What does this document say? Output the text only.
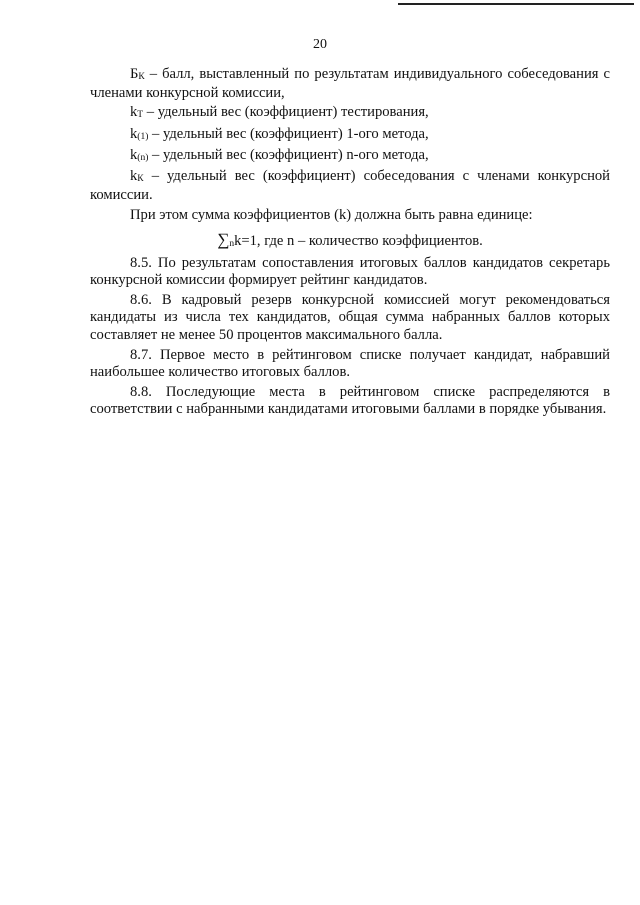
20

БК – балл, выставленный по результатам индивидуального собеседования с членами конкурсной комиссии,

kТ – удельный вес (коэффициент) тестирования,

k(1) – удельный вес (коэффициент) 1-ого метода,

k(n) – удельный вес (коэффициент) n-ого метода,

kК – удельный вес (коэффициент) собеседования с членами конкурсной комиссии.

При этом сумма коэффициентов (k) должна быть равна единице:

∑nk=1, где n – количество коэффициентов.

8.5. По результатам сопоставления итоговых баллов кандидатов секретарь конкурсной комиссии формирует рейтинг кандидатов.

8.6. В кадровый резерв конкурсной комиссией могут рекомендоваться кандидаты из числа тех кандидатов, общая сумма набранных баллов которых составляет не менее 50 процентов максимального балла.

8.7. Первое место в рейтинговом списке получает кандидат, набравший наибольшее количество итоговых баллов.

8.8. Последующие места в рейтинговом списке распределяются в соответствии с набранными кандидатами итоговыми баллами в порядке убывания.
